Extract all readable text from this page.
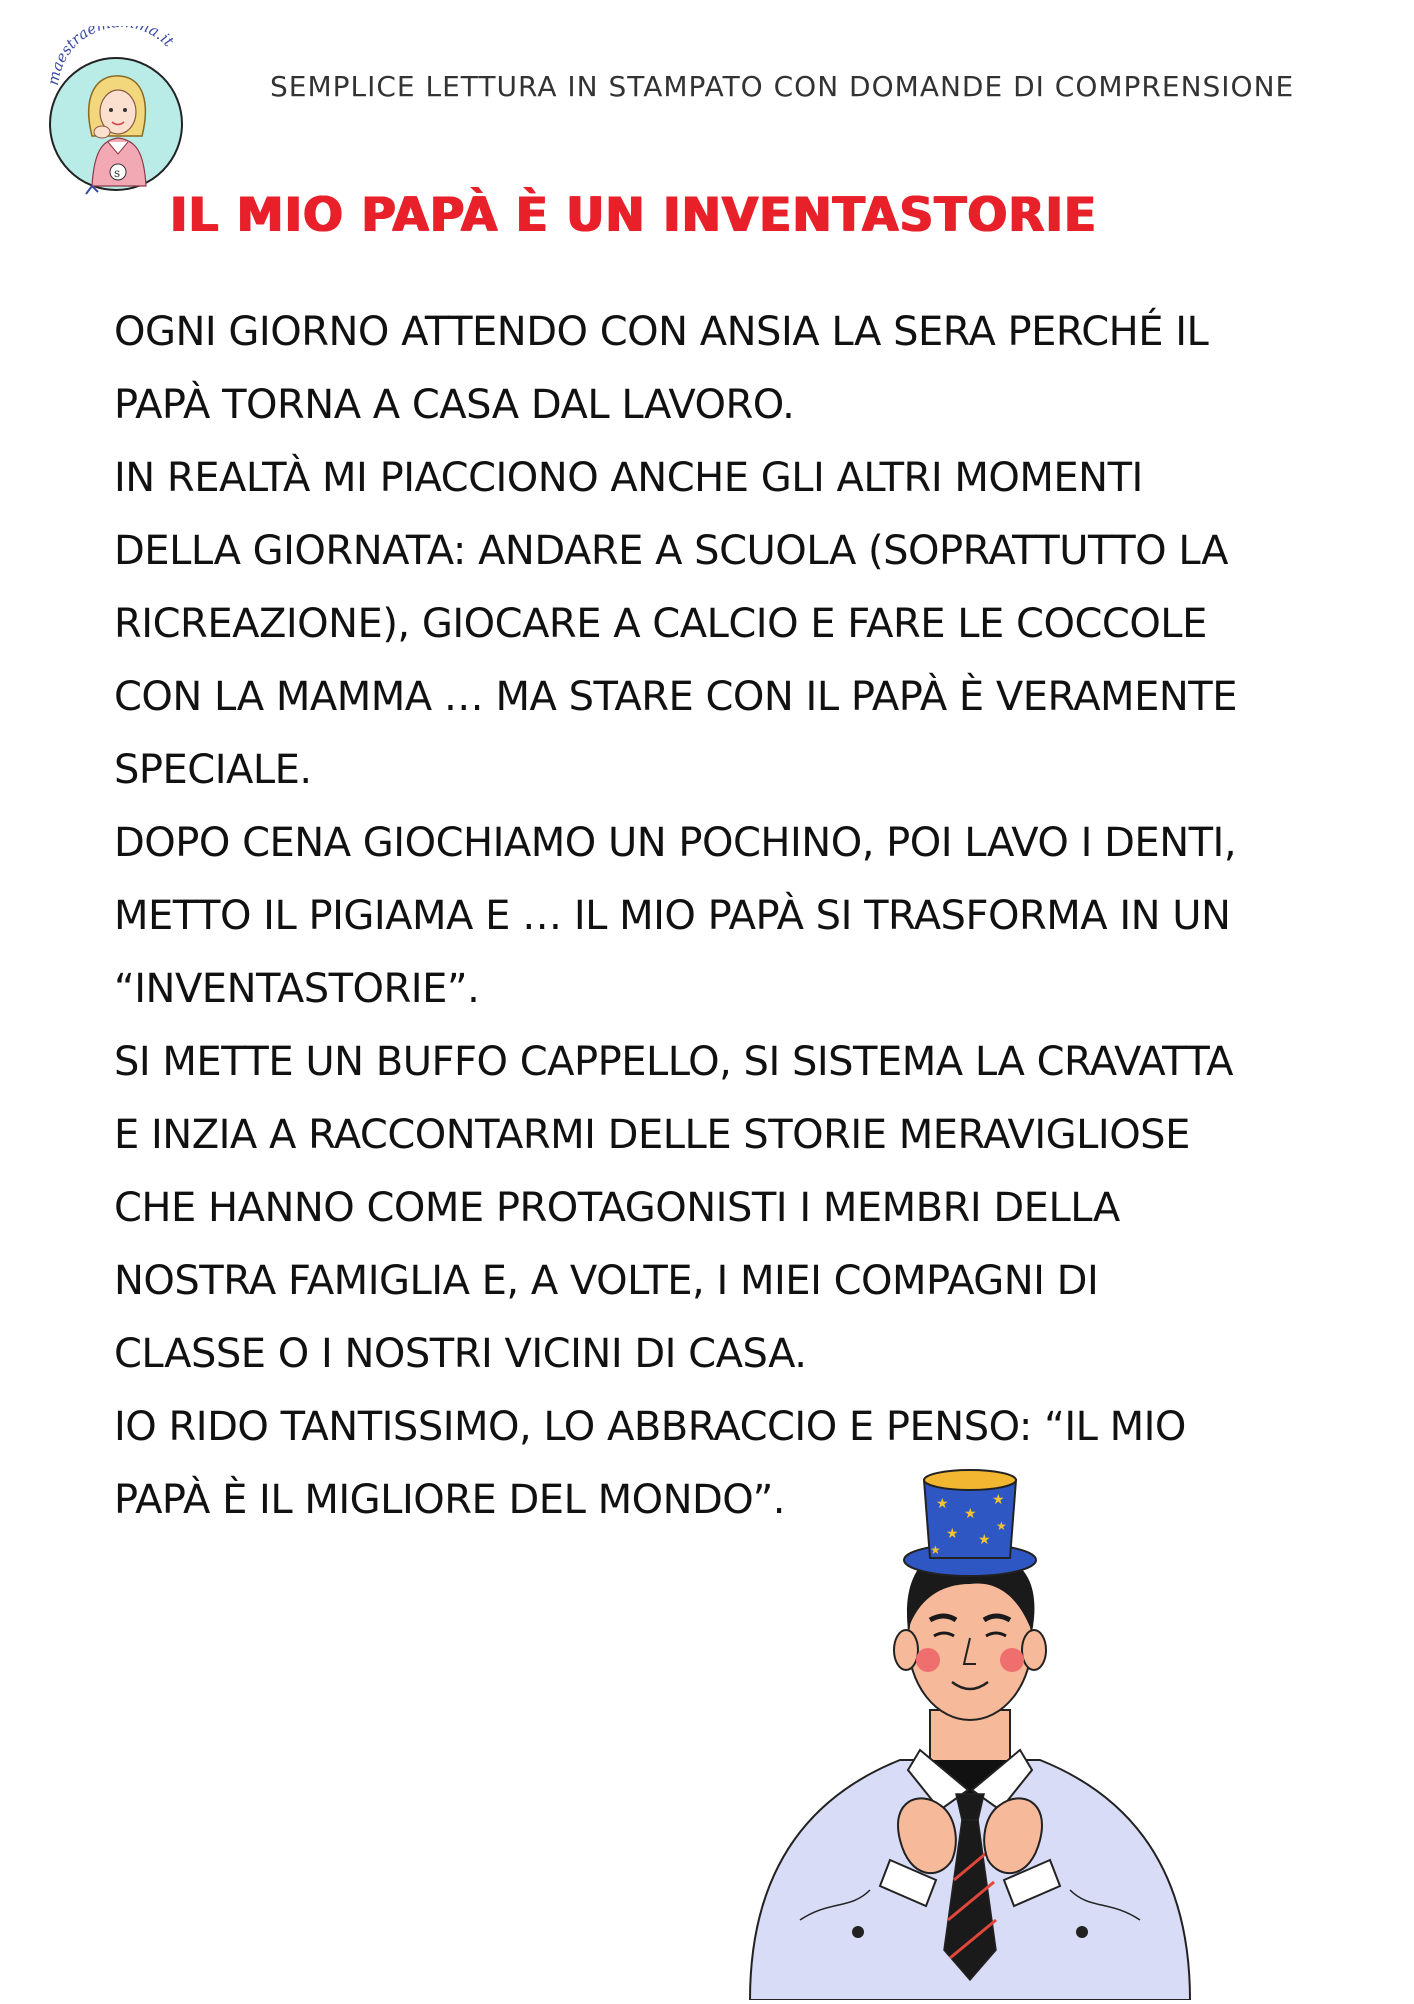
maestrae a.it
s
SEMPLICE LETTURA IN STAMPATO CON DOMANDE DI COMPRENSIONE
IL MIO PAPÀ È UN INVENTASTORIE
OGNI GIORNO ATTENDO CON ANSIA LA SERA PERCHÉ IL
PAPÀ TORNA A CASA DAL LAVORO.
IN REALTÀ MI PIACCIONO ANCHE GLI ALTRI MOMENTI
DELLA GIORNATA: ANDARE A SCUOLA (SOPRATTUTTO LA
RICREAZIONE), GIOCARE A CALCIO E FARE LE COCCOLE
CON LA MAMMA … MA STARE CON IL PAPÀ È VERAMENTE
SPECIALE.
DOPO CENA GIOCHIAMO UN POCHINO, POI LAVO I DENTI,
METTO IL PIGIAMA E … IL MIO PAPÀ SI TRASFORMA IN UN
“INVENTASTORIE”.
SI METTE UN BUFFO CAPPELLO, SI SISTEMA LA CRAVATTA
E INZIA A RACCONTARMI DELLE STORIE MERAVIGLIOSE
CHE HANNO COME PROTAGONISTI I MEMBRI DELLA
NOSTRA FAMIGLIA E, A VOLTE, I MIEI COMPAGNI DI
CLASSE O I NOSTRI VICINI DI CASA.
IO RIDO TANTISSIMO, LO ABBRACCIO E PENSO: “IL MIO
PAPÀ È IL MIGLIORE DEL MONDO”.	★
★
★
★ ★
★
★
